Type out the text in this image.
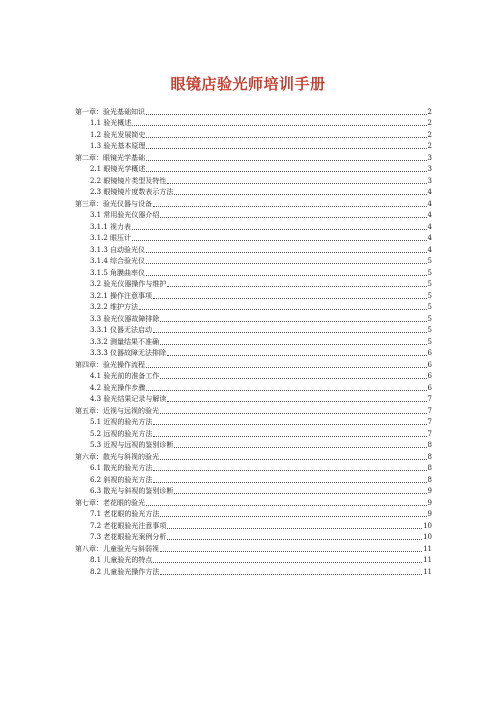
眼镜店验光师培训手册
第一章：验光基础知识	2
1.1 验光概述	2
1.2 验光发展简史	2
1.3 验光基本原理	2
第二章：眼镜光学基础	3
2.1 眼镜光学概述	3
2.2 眼镜镜片类型及特性	3
2.3 眼镜镜片度数表示方法	4
第三章：验光仪器与设备	4
3.1 常用验光仪器介绍	4
3.1.1 视力表	4
3.1.2 眼压计	4
3.1.3 自动验光仪	4
3.1.4 综合验光仪	5
3.1.5 角膜曲率仪	5
3.2 验光仪器操作与维护	5
3.2.1 操作注意事项	5
3.2.2 维护方法	5
3.3 验光仪器故障排除	5
3.3.1 仪器无法启动	5
3.3.2 测量结果不准确	5
3.3.3 仪器故障无法排除	6
第四章：验光操作流程	6
4.1 验光前的准备工作	6
4.2 验光操作步骤	6
4.3 验光结果记录与解读	7
第五章：近视与远视的验光	7
5.1 近视的验光方法	7
5.2 远视的验光方法	7
5.3 近视与远视的鉴别诊断	8
第六章：散光与斜视的验光	8
6.1 散光的验光方法	8
6.2 斜视的验光方法	8
6.3 散光与斜视的鉴别诊断	9
第七章：老花眼的验光	9
7.1 老花眼的验光方法	9
7.2 老花眼验光注意事项	10
7.3 老花眼验光案例分析	10
第八章：儿童验光与斜弱视	11
8.1 儿童验光的特点	11
8.2 儿童验光操作方法	11
